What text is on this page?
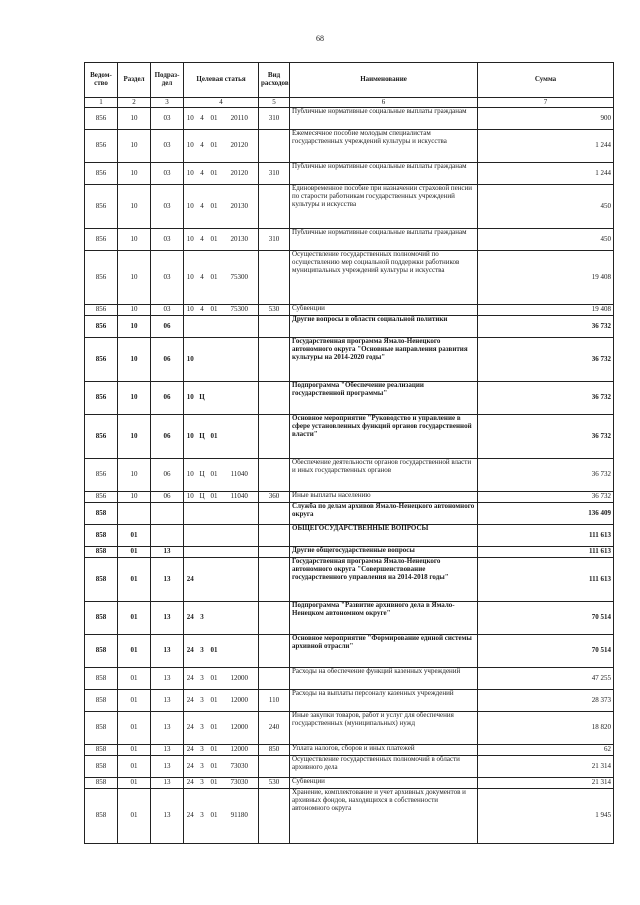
68
Ведом-ство	Раздел	Подраз-дел	Целевая статья				Вид расходов	Наименование	Сумма
1	2	3	4				5	6	7
856	10	03	10	4	01	20110	310	Публичные нормативные социальные выплаты гражданам	900
856	10	03	10	4	01	20120		Ежемесячное пособие молодым специалистам государственных учреждений культуры и искусства	1 244
856	10	03	10	4	01	20120	310	Публичные нормативные социальные выплаты гражданам	1 244
856	10	03	10	4	01	20130		Единовременное пособие при назначении страховой пенсии по старости работникам государственных учреждений культуры и искусства	450
856	10	03	10	4	01	20130	310	Публичные нормативные социальные выплаты гражданам	450
856	10	03	10	4	01	75300		Осуществление государственных полномочий по осуществлению мер социальной поддержки работников муниципальных учреждений культуры и искусства	19 408
856	10	03	10	4	01	75300	530	Субвенции	19 408
856	10	06						Другие вопросы в области социальной политики	36 732
856	10	06	10					Государственная программа Ямало-Ненецкого автономного округа "Основные направления развития культуры на 2014-2020 годы"	36 732
856	10	06	10	Ц				Подпрограмма "Обеспечение реализации государственной программы"	36 732
856	10	06	10	Ц	01			Основное мероприятие "Руководство и управление в сфере установленных функций органов государственной власти"	36 732
856	10	06	10	Ц	01	11040		Обеспечение деятельности органов государственной власти и иных государственных органов	36 732
856	10	06	10	Ц	01	11040	360	Иные выплаты населению	36 732
858								Служба по делам архивов Ямало-Ненецкого автономного округа	136 409
858	01							ОБЩЕГОСУДАРСТВЕННЫЕ ВОПРОСЫ	111 613
858	01	13						Другие общегосударственные вопросы	111 613
858	01	13	24					Государственная программа Ямало-Ненецкого автономного округа "Совершенствование государственного управления на 2014-2018 годы"	111 613
858	01	13	24	3				Подпрограмма "Развитие архивного дела в Ямало-Ненецком автономном округе"	70 514
858	01	13	24	3	01			Основное мероприятие "Формирование единой системы архивной отрасли"	70 514
858	01	13	24	3	01	12000		Расходы на обеспечение функций казенных учреждений	47 255
858	01	13	24	3	01	12000	110	Расходы на выплаты персоналу казенных учреждений	28 373
858	01	13	24	3	01	12000	240	Иные закупки товаров, работ и услуг для обеспечения государственных (муниципальных) нужд	18 820
858	01	13	24	3	01	12000	850	Уплата налогов, сборов и иных платежей	62
858	01	13	24	3	01	73030		Осуществление государственных полномочий в области архивного дела	21 314
858	01	13	24	3	01	73030	530	Субвенции	21 314
858	01	13	24	3	01	91180		Хранение, комплектование и учет архивных документов и архивных фондов, находящихся в собственности автономного округа	1 945
